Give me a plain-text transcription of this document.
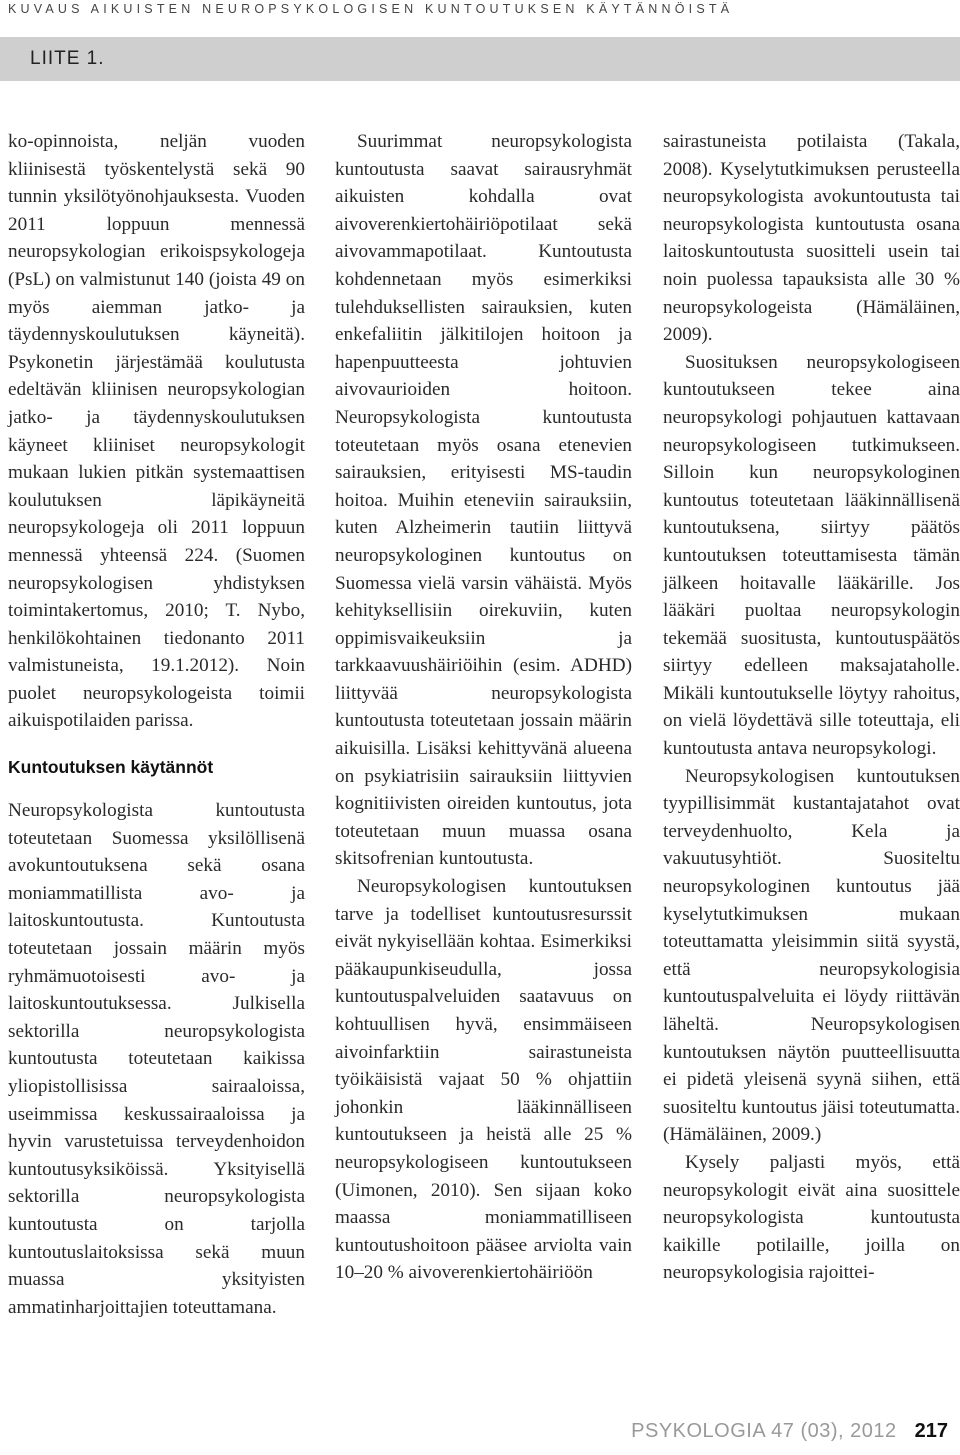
KUVAUS AIKUISTEN NEUROPSYKOLOGISEN KUNTOUTUKSEN KÄYTÄNNÖISTÄ
LIITE 1.

ko-opinnoista, neljän vuoden kliinisestä työskentelystä sekä 90 tunnin yksilötyönohjauksesta. Vuoden 2011 loppuun mennessä neuropsykologian erikoispsykologeja (PsL) on valmistunut 140 (joista 49 on myös aiemman jatko- ja täydennyskoulutuksen käyneitä). Psykonetin järjestämää koulutusta edeltävän kliinisen neuropsykologian jatko- ja täydennyskoulutuksen käyneet kliiniset neuropsykologit mukaan lukien pitkän systemaattisen koulutuksen läpikäyneitä neuropsykologeja oli 2011 loppuun mennessä yhteensä 224. (Suomen neuropsykologisen yhdistyksen toimintakertomus, 2010; T. Nybo, henkilökohtainen tiedonanto 2011 valmistuneista, 19.1.2012). Noin puolet neuropsykologeista toimii aikuispotilaiden parissa.

Kuntoutuksen käytännöt

Neuropsykologista kuntoutusta toteutetaan Suomessa yksilöllisenä avokuntoutuksena sekä osana moniammatillista avo- ja laitoskuntoutusta. Kuntoutusta toteutetaan jossain määrin myös ryhmämuotoisesti avo- ja laitoskuntoutuksessa. Julkisella sektorilla neuropsykologista kuntoutusta toteutetaan kaikissa yliopistollisissa sairaaloissa, useimmissa keskussairaaloissa ja hyvin varustetuissa terveydenhoidon kuntoutusyksiköissä. Yksityisellä sektorilla neuropsykologista kuntoutusta on tarjolla kuntoutuslaitoksissa sekä muun muassa yksityisten ammatinharjoittajien toteuttamana.

Suurimmat neuropsykologista kuntoutusta saavat sairausryhmät aikuisten kohdalla ovat aivoverenkiertohäiriöpotilaat sekä aivovammapotilaat. Kuntoutusta kohdennetaan myös esimerkiksi tulehduksellisten sairauksien, kuten enkefaliitin jälkitilojen hoitoon ja hapenpuutteesta johtuvien aivovaurioiden hoitoon. Neuropsykologista kuntoutusta toteutetaan myös osana etenevien sairauksien, erityisesti MS-taudin hoitoa. Muihin eteneviin sairauksiin, kuten Alzheimerin tautiin liittyvä neuropsykologinen kuntoutus on Suomessa vielä varsin vähäistä. Myös kehityksellisiin oirekuviin, kuten oppimisvaikeuksiin ja tarkkaavuushäiriöihin (esim. ADHD) liittyvää neuropsykologista kuntoutusta toteutetaan jossain määrin aikuisilla. Lisäksi kehittyvänä alueena on psykiatrisiin sairauksiin liittyvien kognitiivisten oireiden kuntoutus, jota toteutetaan muun muassa osana skitsofrenian kuntoutusta.

Neuropsykologisen kuntoutuksen tarve ja todelliset kuntoutusresurssit eivät nykyisellään kohtaa. Esimerkiksi pääkaupunkiseudulla, jossa kuntoutuspalveluiden saatavuus on kohtuullisen hyvä, ensimmäiseen aivoinfarktiin sairastuneista työikäisistä vajaat 50 % ohjattiin johonkin lääkinnälliseen kuntoutukseen ja heistä alle 25 % neuropsykologiseen kuntoutukseen (Uimonen, 2010). Sen sijaan koko maassa moniammatilliseen kuntoutushoitoon pääsee arviolta vain 10–20 % aivoverenkiertohäiriöön

sairastuneista potilaista (Takala, 2008). Kyselytutkimuksen perusteella neuropsykologista avokuntoutusta tai neuropsykologista kuntoutusta osana laitoskuntoutusta suositteli usein tai noin puolessa tapauksista alle 30 % neuropsykologeista (Hämäläinen, 2009).

Suosituksen neuropsykologiseen kuntoutukseen tekee aina neuropsykologi pohjautuen kattavaan neuropsykologiseen tutkimukseen. Silloin kun neuropsykologinen kuntoutus toteutetaan lääkinnällisenä kuntoutuksena, siirtyy päätös kuntoutuksen toteuttamisesta tämän jälkeen hoitavalle lääkärille. Jos lääkäri puoltaa neuropsykologin tekemää suositusta, kuntoutuspäätös siirtyy edelleen maksajataholle. Mikäli kuntoutukselle löytyy rahoitus, on vielä löydettävä sille toteuttaja, eli kuntoutusta antava neuropsykologi.

Neuropsykologisen kuntoutuksen tyypillisimmät kustantajatahot ovat terveydenhuolto, Kela ja vakuutusyhtiöt. Suositeltu neuropsykologinen kuntoutus jää kyselytutkimuksen mukaan toteuttamatta yleisimmin siitä syystä, että neuropsykologisia kuntoutuspalveluita ei löydy riittävän läheltä. Neuropsykologisen kuntoutuksen näytön puutteellisuutta ei pidetä yleisenä syynä siihen, että suositeltu kuntoutus jäisi toteutumatta. (Hämäläinen, 2009.)

Kysely paljasti myös, että neuropsykologit eivät aina suosittele neuropsykologista kuntoutusta kaikille potilaille, joilla on neuropsykologisia rajoittei-

PSYKOLOGIA 47 (03), 2012 217
